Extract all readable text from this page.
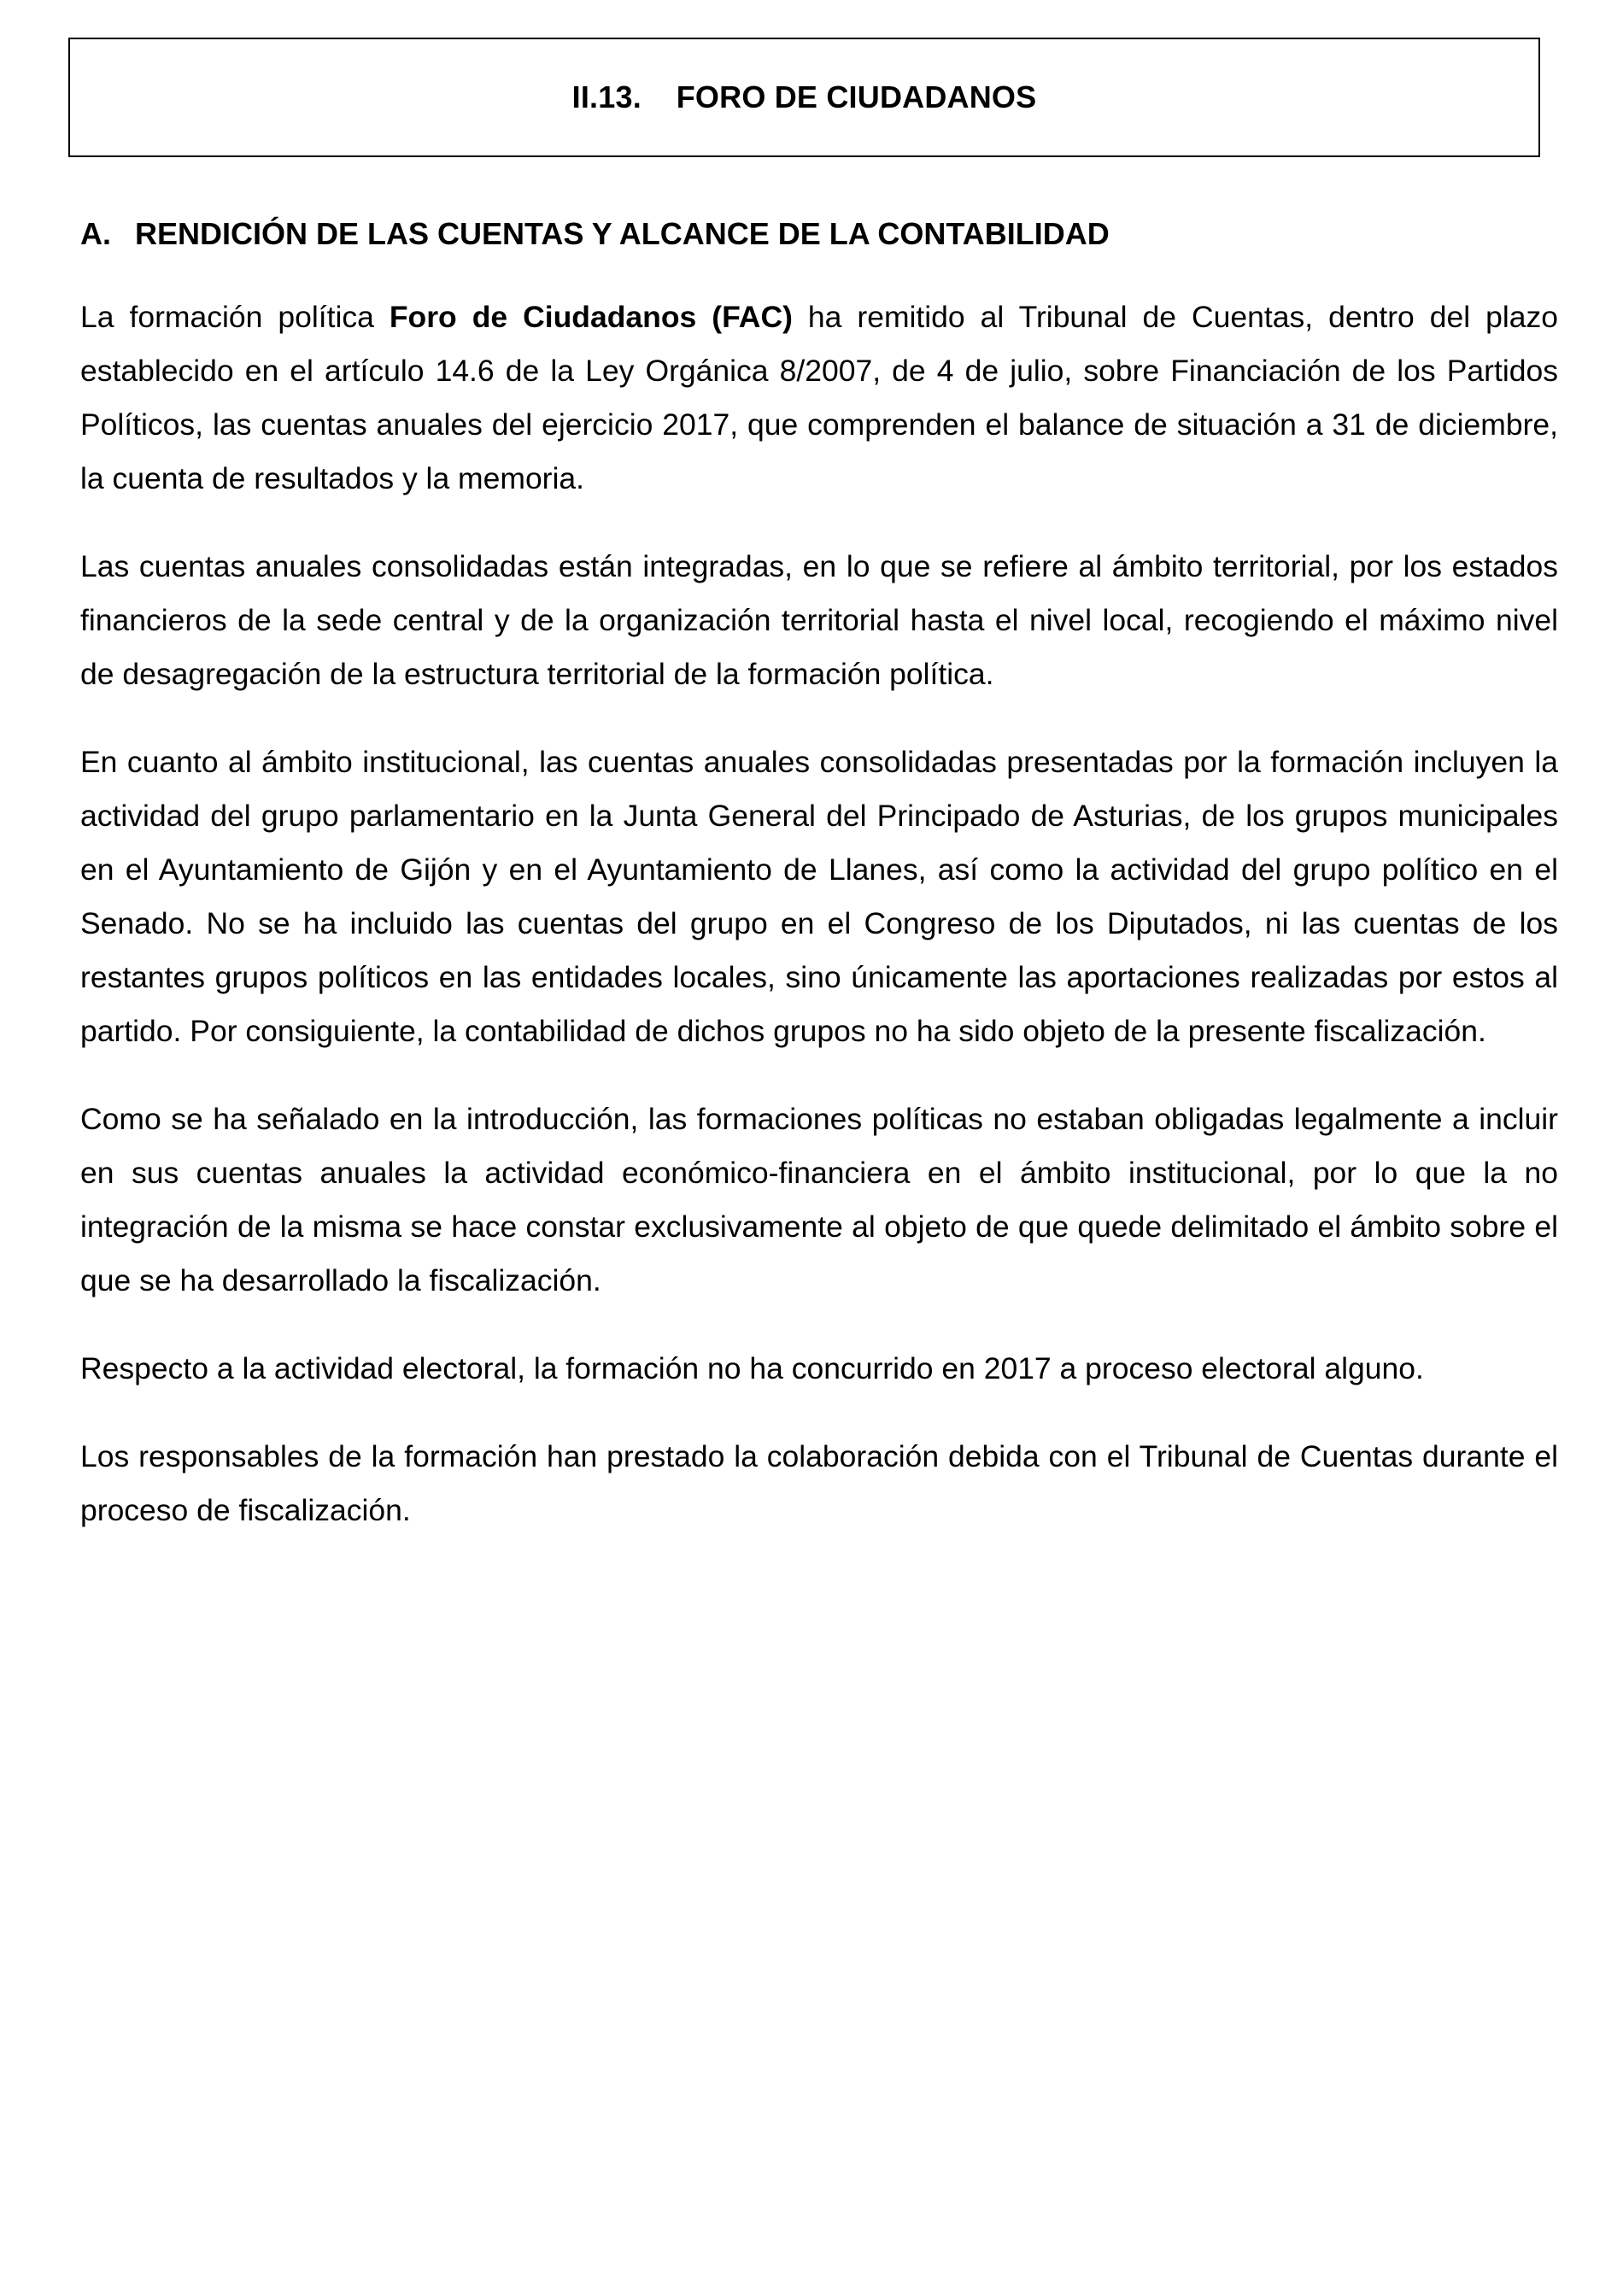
II.13. FORO DE CIUDADANOS
A. RENDICIÓN DE LAS CUENTAS Y ALCANCE DE LA CONTABILIDAD

La formación política Foro de Ciudadanos (FAC) ha remitido al Tribunal de Cuentas, dentro del plazo establecido en el artículo 14.6 de la Ley Orgánica 8/2007, de 4 de julio, sobre Financiación de los Partidos Políticos, las cuentas anuales del ejercicio 2017, que comprenden el balance de situación a 31 de diciembre, la cuenta de resultados y la memoria.

Las cuentas anuales consolidadas están integradas, en lo que se refiere al ámbito territorial, por los estados financieros de la sede central y de la organización territorial hasta el nivel local, recogiendo el máximo nivel de desagregación de la estructura territorial de la formación política.

En cuanto al ámbito institucional, las cuentas anuales consolidadas presentadas por la formación incluyen la actividad del grupo parlamentario en la Junta General del Principado de Asturias, de los grupos municipales en el Ayuntamiento de Gijón y en el Ayuntamiento de Llanes, así como la actividad del grupo político en el Senado. No se ha incluido las cuentas del grupo en el Congreso de los Diputados, ni las cuentas de los restantes grupos políticos en las entidades locales, sino únicamente las aportaciones realizadas por estos al partido. Por consiguiente, la contabilidad de dichos grupos no ha sido objeto de la presente fiscalización.

Como se ha señalado en la introducción, las formaciones políticas no estaban obligadas legalmente a incluir en sus cuentas anuales la actividad económico-financiera en el ámbito institucional, por lo que la no integración de la misma se hace constar exclusivamente al objeto de que quede delimitado el ámbito sobre el que se ha desarrollado la fiscalización.

Respecto a la actividad electoral, la formación no ha concurrido en 2017 a proceso electoral alguno.

Los responsables de la formación han prestado la colaboración debida con el Tribunal de Cuentas durante el proceso de fiscalización.
